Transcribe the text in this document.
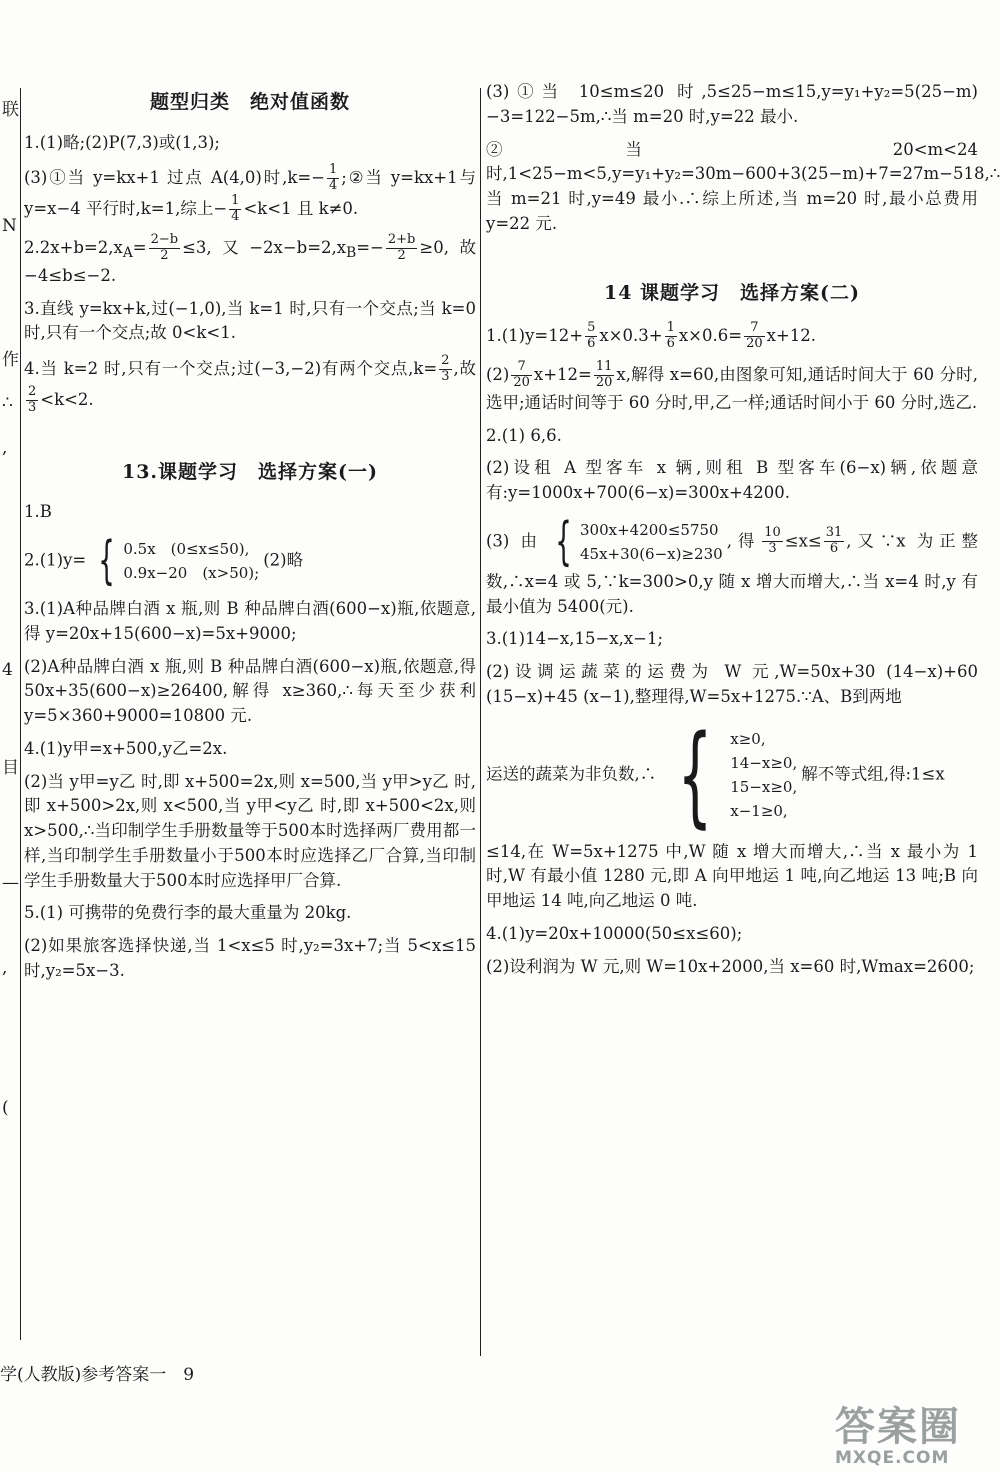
联
N
作
∴
,
4
目
—
,
(
题型归类　绝对值函数

1.(1)略;(2)P(7,3)或(1,3);

(3)①当 y=kx+1 过点 A(4,0)时$,k=- \frac{1}{4}$ ;②当 y=kx+1与 y=x−4 平行时,k=1,综上− $\frac{1}{4} <k<1$ 且 k≠0.

$2.2x+b=2,x_A= \frac{2-b}{2} \le 3$,又$-2x-b=2,x_B=- \frac{2+b}{2} \ge 0$,故−4≤b≤−2.

3.直线 y=kx+k,过(−1,0),当 k=1 时,只有一个交点;当 k=0 时,只有一个交点;故 0<k<1.

4.当 k=2 时,只有一个交点;过(−3,−2)有两个交点$,k= \frac{2}{3}$ ,故
$\frac{2}{3} <k<2$.

13.课题学习　选择方案(一)

1.B

2.(1)y= { 0.5x　(0≤x≤50),
0.9x−20　(x>50);
(2)略

3.(1)A种品牌白酒 x 瓶,则 B 种品牌白酒(600−x)瓶,依题意,得 y=20x+15(600−x)=5x+9000;

(2)A种品牌白酒 x 瓶,则 B 种品牌白酒(600−x)瓶,依题意,得 50x+35(600−x)≥26400,解得 x≥360,∴每天至少获利 y=5×360+9000=10800 元.

4.(1)y甲=x+500,y乙=2x.

(2)当 y甲=y乙 时,即 x+500=2x,则 x=500,当 y甲>y乙 时,即 x+500>2x,则 x<500,当 y甲<y乙 时,即 x+500<2x,则 x>500,∴当印制学生手册数量等于500本时选择两厂费用都一样,当印制学生手册数量小于500本时应选择乙厂合算,当印制学生手册数量大于500本时应选择甲厂合算.

5.(1) 可携带的免费行李的最大重量为 20kg.

(2)如果旅客选择快递,当 1<x≤5 时,y₂=3x+7;当 5<x≤15 时,y₂=5x−3.

(3)①当 10≤m≤20 时,5≤25−m≤15,y=y₁+y₂=5(25−m)−3=122−5m,∴当 m=20 时,y=22 最小.

②当 20<m<24 时,1<25−m<5,y=y₁+y₂=30m−600+3(25−m)+7=27m−518,∴当 m=21 时,y=49 最小.∴综上所述,当 m=20 时,最小总费用 y=22 元.

14 课题学习　选择方案(二)

$1.(1)y=12+ \frac{5}{6} x\times 0.3+ \frac{1}{6} x\times 0.6= \frac{7}{20} x+12$.

$(2) \frac{7}{20} x+12= \frac{11}{20} x$,解得 x=60,由图象可知,通话时间大于 60 分时,选甲;通话时间等于 60 分时,甲,乙一样;通话时间小于 60 分时,选乙.

2.(1) 6,6.

(2)设租 A 型客车 x 辆,则租 B 型客车(6−x)辆,依题意有:y=1000x+700(6−x)=300x+4200.

(3) 由 { 300x+4200≤5750
45x+30(6−x)≥230
,得 $\frac{10}{3} \le x\le \frac{31}{6}$ ,又∵x 为正整数,∴x=4 或 5,∵k=300>0,y 随 x 增大而增大,∴当 x=4 时,y 有最小值为 5400(元).

3.(1)14−x,15−x,x−1;

(2)设调运蔬菜的运费为 W 元,W=50x+30 (14−x)+60 (15−x)+45 (x−1),整理得,W=5x+1275.∵A、B到两地

运送的蔬菜为非负数,∴ { x≥0,
14−x≥0,
15−x≥0,
x−1≥0,
解不等式组,得:1≤x

≤14,在 W=5x+1275 中,W 随 x 增大而增大,∴当 x 最小为 1 时,W 有最小值 1280 元,即 A 向甲地运 1 吨,向乙地运 13 吨;B 向甲地运 14 吨,向乙地运 0 吨.

4.(1)y=20x+10000(50≤x≤60);

(2)设利润为 W 元,则 W=10x+2000,当 x=60 时,Wmax=2600;

学(人教版)参考答案一　9
答案圈
MXQE.COM
